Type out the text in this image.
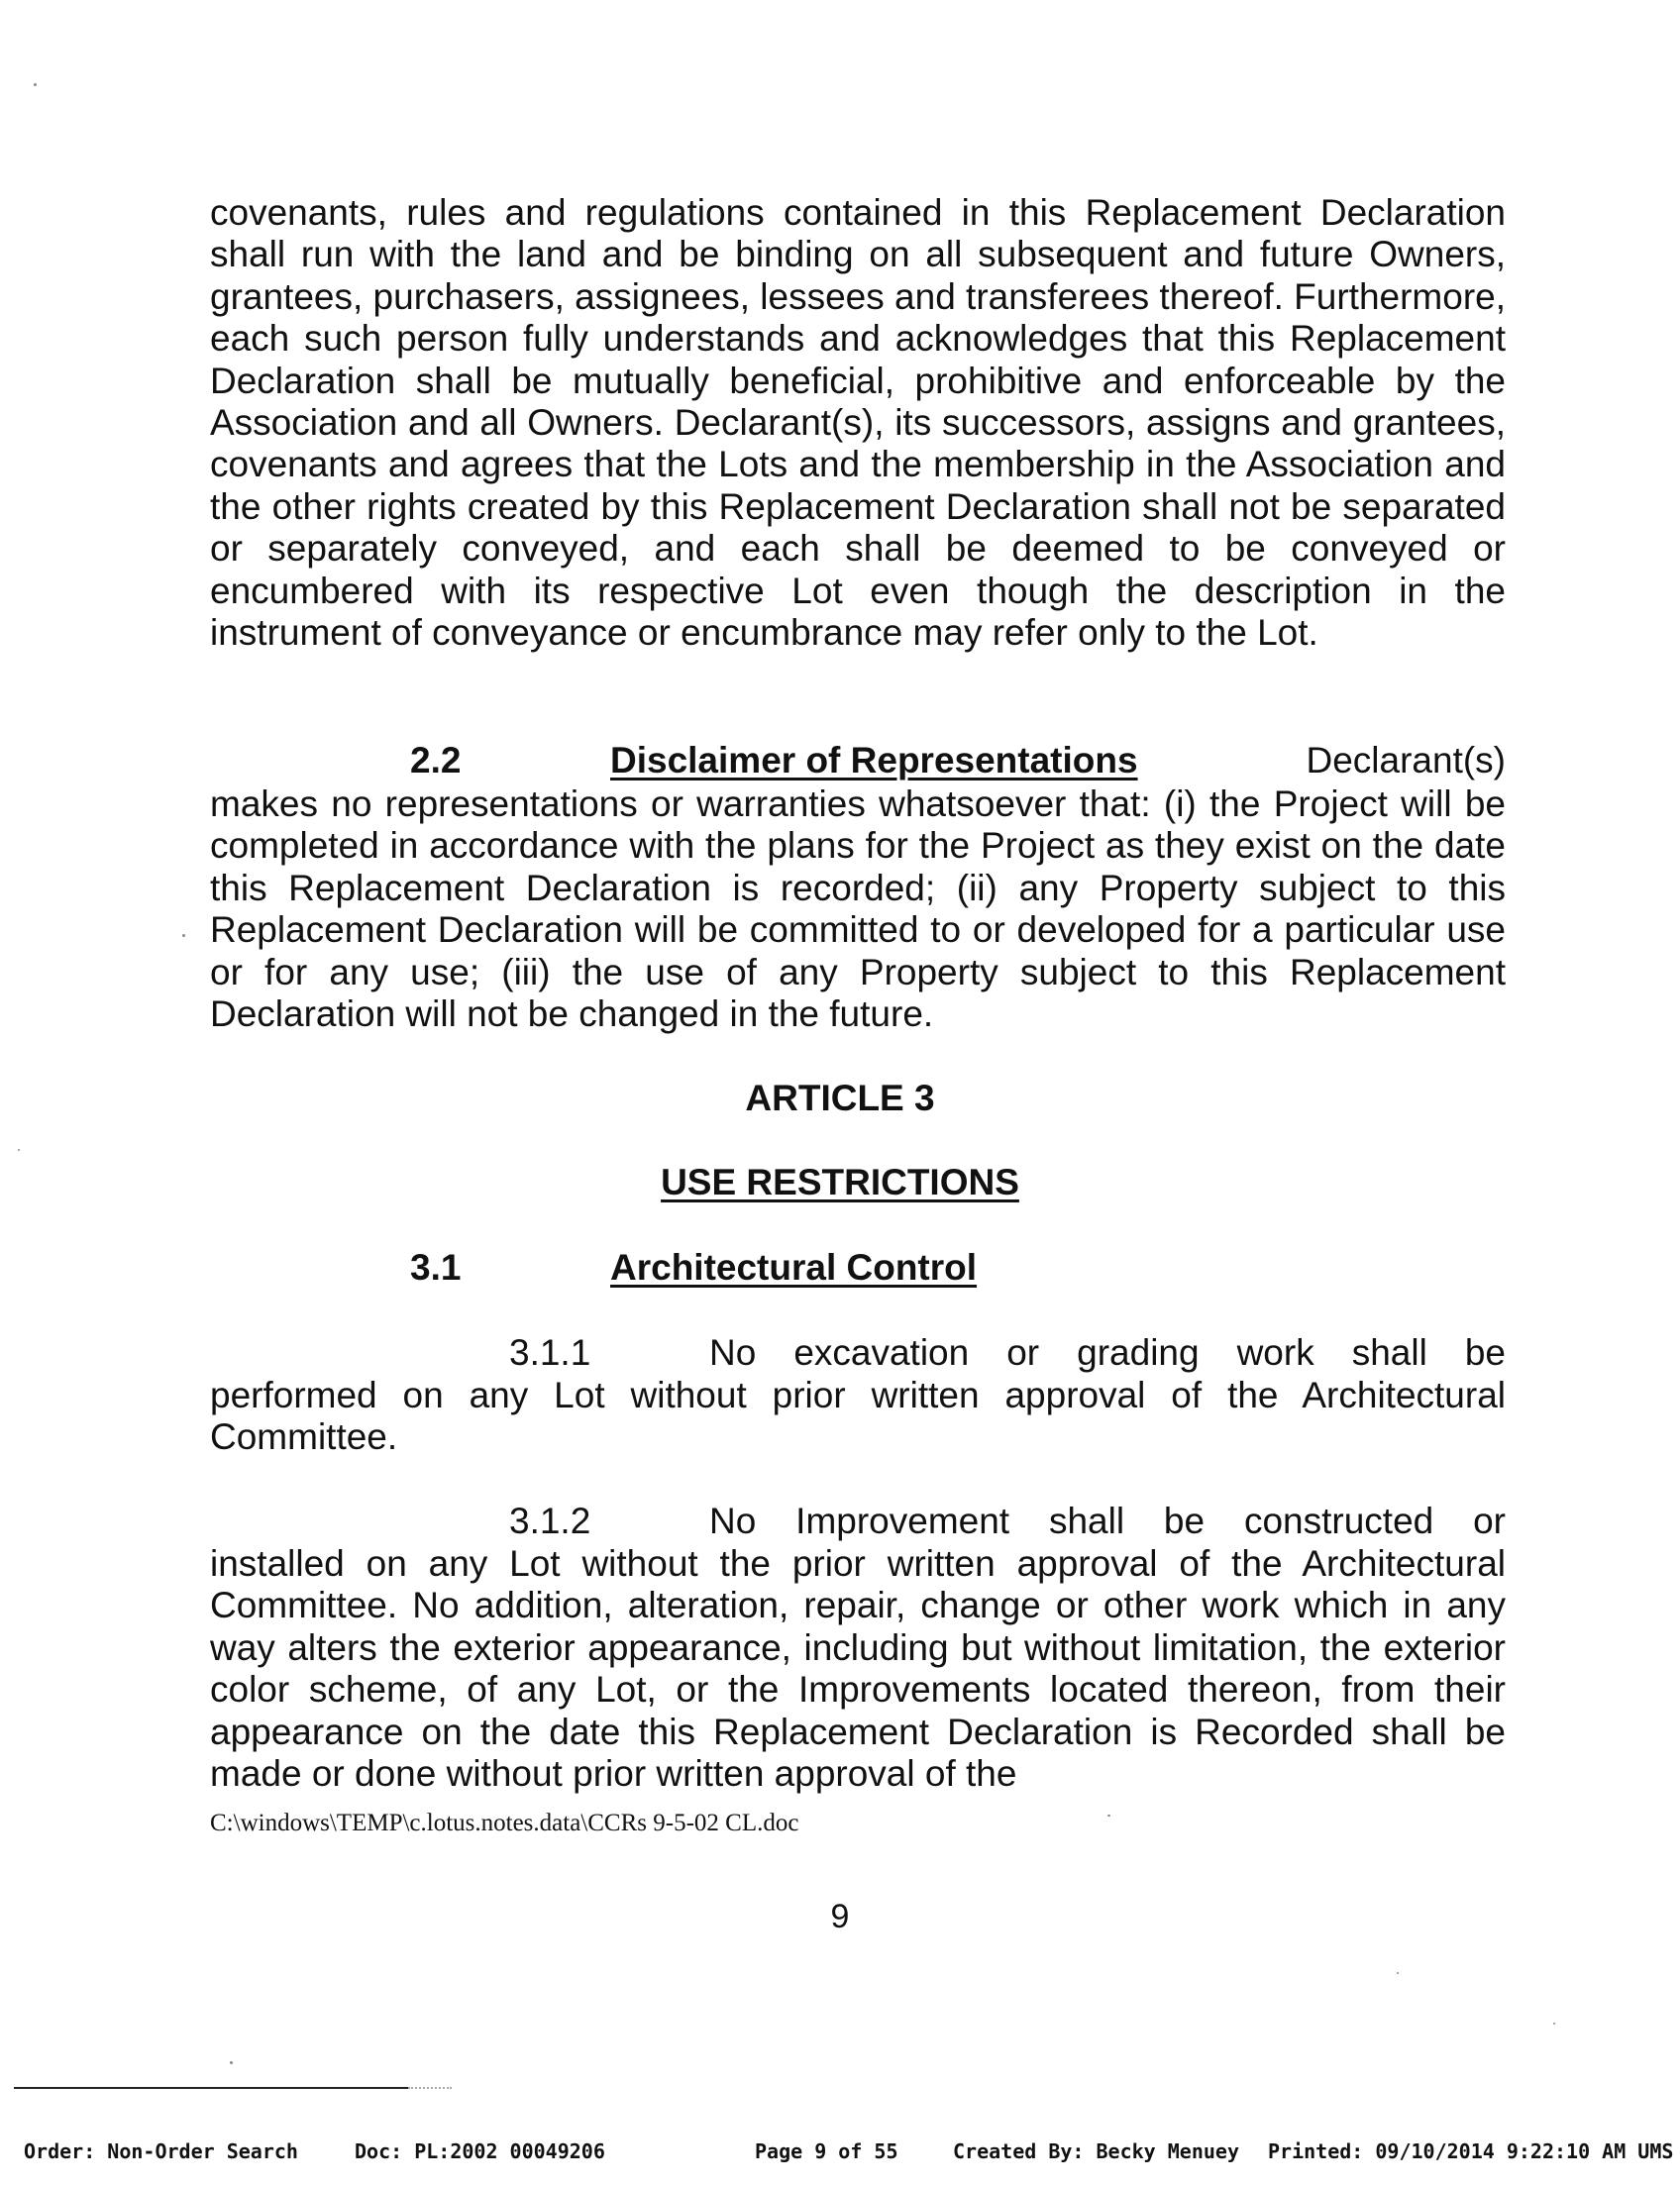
covenants, rules and regulations contained in this Replacement Declaration shall run with the land and be binding on all subsequent and future Owners, grantees, purchasers, assignees, lessees and transferees thereof. Furthermore, each such person fully understands and acknowledges that this Replacement Declaration shall be mutually beneficial, prohibitive and enforceable by the Association and all Owners. Declarant(s), its successors, assigns and grantees, covenants and agrees that the Lots and the membership in the Association and the other rights created by this Replacement Declaration shall not be separated or separately conveyed, and each shall be deemed to be conveyed or encumbered with its respective Lot even though the description in the instrument of conveyance or encumbrance may refer only to the Lot.

2.2	Disclaimer of Representations	Declarant(s)

makes no representations or warranties whatsoever that: (i) the Project will be completed in accordance with the plans for the Project as they exist on the date this Replacement Declaration is recorded; (ii) any Property subject to this Replacement Declaration will be committed to or developed for a particular use or for any use; (iii) the use of any Property subject to this Replacement Declaration will not be changed in the future.

ARTICLE 3

USE RESTRICTIONS

3.1	Architectural Control
3.1.1	No excavation or grading work shall be

performed on any Lot without prior written approval of the Architectural Committee.

3.1.2	No Improvement shall be constructed or

installed on any Lot without the prior written approval of the Architectural Committee. No addition, alteration, repair, change or other work which in any way alters the exterior appearance, including but without limitation, the exterior color scheme, of any Lot, or the Improvements located thereon, from their appearance on the date this Replacement Declaration is Recorded shall be made or done without prior written approval of the

C:\windows\TEMP\c.lotus.notes.data\CCRs 9-5-02 CL.doc

9

Order: Non-Order Search	Doc: PL:2002 00049206	Page 9 of 55	Created By: Becky Menuey Printed: 09/10/2014 9:22:10 AM UMS
